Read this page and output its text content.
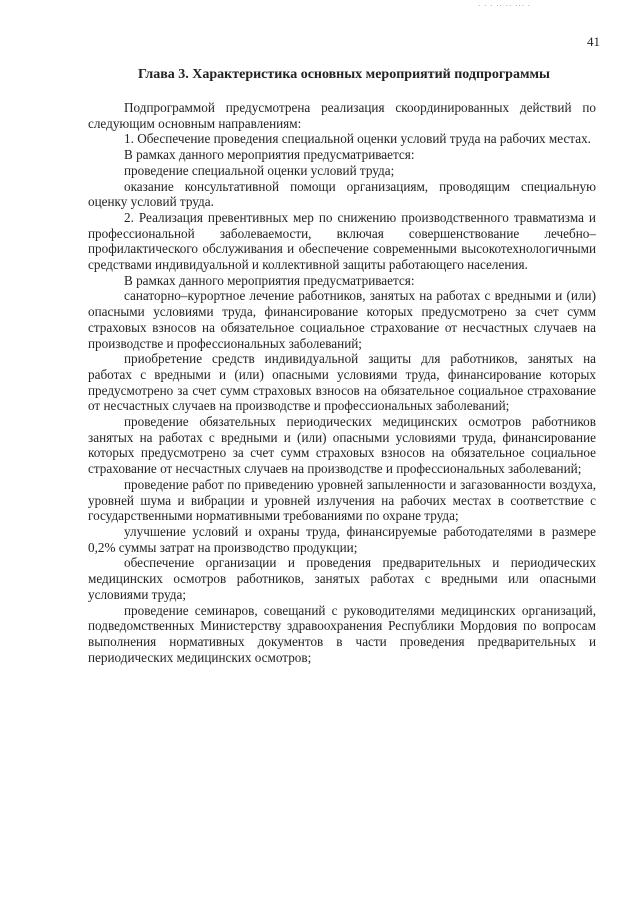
· · · ·· ·· ··· ·
41
Глава 3. Характеристика основных мероприятий подпрограммы

Подпрограммой предусмотрена реализация скоординированных действий по следующим основным направлениям:

1. Обеспечение проведения специальной оценки условий труда на рабочих местах.

В рамках данного мероприятия предусматривается:

проведение специальной оценки условий труда;

оказание консультативной помощи организациям, проводящим специальную оценку условий труда.

2. Реализация превентивных мер по снижению производственного травматизма и профессиональной заболеваемости, включая совершенствование лечебно–профилактического обслуживания и обеспечение современными высокотехнологичными средствами индивидуальной и коллективной защиты работающего населения.

В рамках данного мероприятия предусматривается:

санаторно–курортное лечение работников, занятых на работах с вредными и (или) опасными условиями труда, финансирование которых предусмотрено за счет сумм страховых взносов на обязательное социальное страхование от несчастных случаев на производстве и профессиональных заболеваний;

приобретение средств индивидуальной защиты для работников, занятых на работах с вредными и (или) опасными условиями труда, финансирование которых предусмотрено за счет сумм страховых взносов на обязательное социальное страхование от несчастных случаев на производстве и профессиональных заболеваний;

проведение обязательных периодических медицинских осмотров работников занятых на работах с вредными и (или) опасными условиями труда, финансирование которых предусмотрено за счет сумм страховых взносов на обязательное социальное страхование от несчастных случаев на производстве и профессиональных заболеваний;

проведение работ по приведению уровней запыленности и загазованности воздуха, уровней шума и вибрации и уровней излучения на рабочих местах в соответствие с государственными нормативными требованиями по охране труда;

улучшение условий и охраны труда, финансируемые работодателями в размере 0,2% суммы затрат на производство продукции;

обеспечение организации и проведения предварительных и периодических медицинских осмотров работников, занятых работах с вредными или опасными условиями труда;

проведение семинаров, совещаний с руководителями медицинских организаций, подведомственных Министерству здравоохранения Республики Мордовия по вопросам выполнения нормативных документов в части проведения предварительных и периодических медицинских осмотров;
